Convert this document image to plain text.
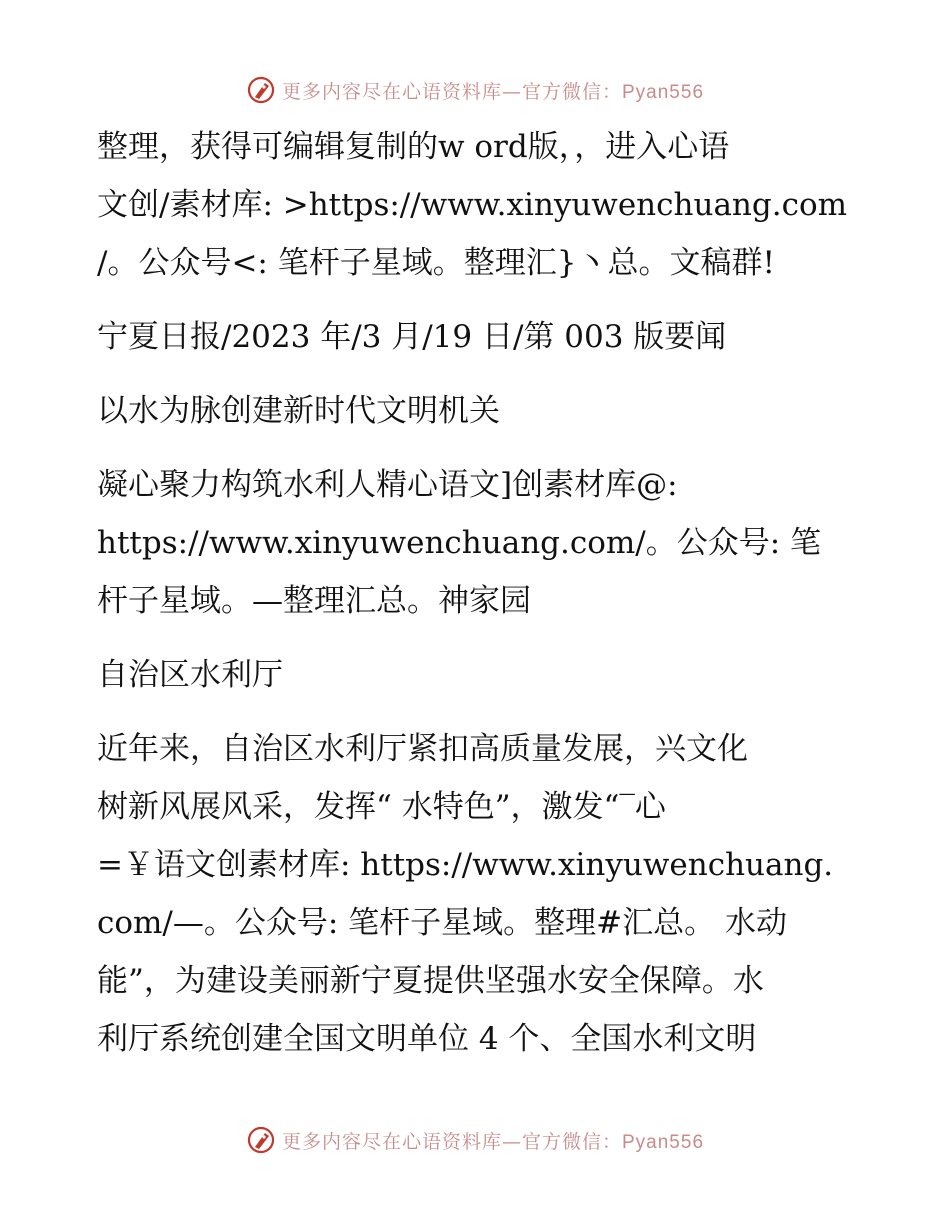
更多内容尽在心语资料库—官方微信：Pyan556
整理，获得可编辑复制的w ord版，，进入心语
文创/素材库: >https://www.xinyuwenchuang.com
/。公众号<: 笔杆子星域。整理汇}丶总。文稿群!
宁夏日报/2023 年/3 月/19 日/第 003 版要闻
以水为脉创建新时代文明机关
凝心聚力构筑水利人精心语文]创素材库@:
https://www.xinyuwenchuang.com/。公众号: 笔
杆子星域。—整理汇总。神家园
自治区水利厅
近年来，自治区水利厅紧扣高质量发展，兴文化
树新风展风采，发挥“ 水特色”，激发“‾心
=￥语文创素材库: https://www.xinyuwenchuang.
com/—。公众号: 笔杆子星域。整理#汇总。 水动
能”，为建设美丽新宁夏提供坚强水安全保障。水
利厅系统创建全国文明单位 4 个、全国水利文明
更多内容尽在心语资料库—官方微信：Pyan556
